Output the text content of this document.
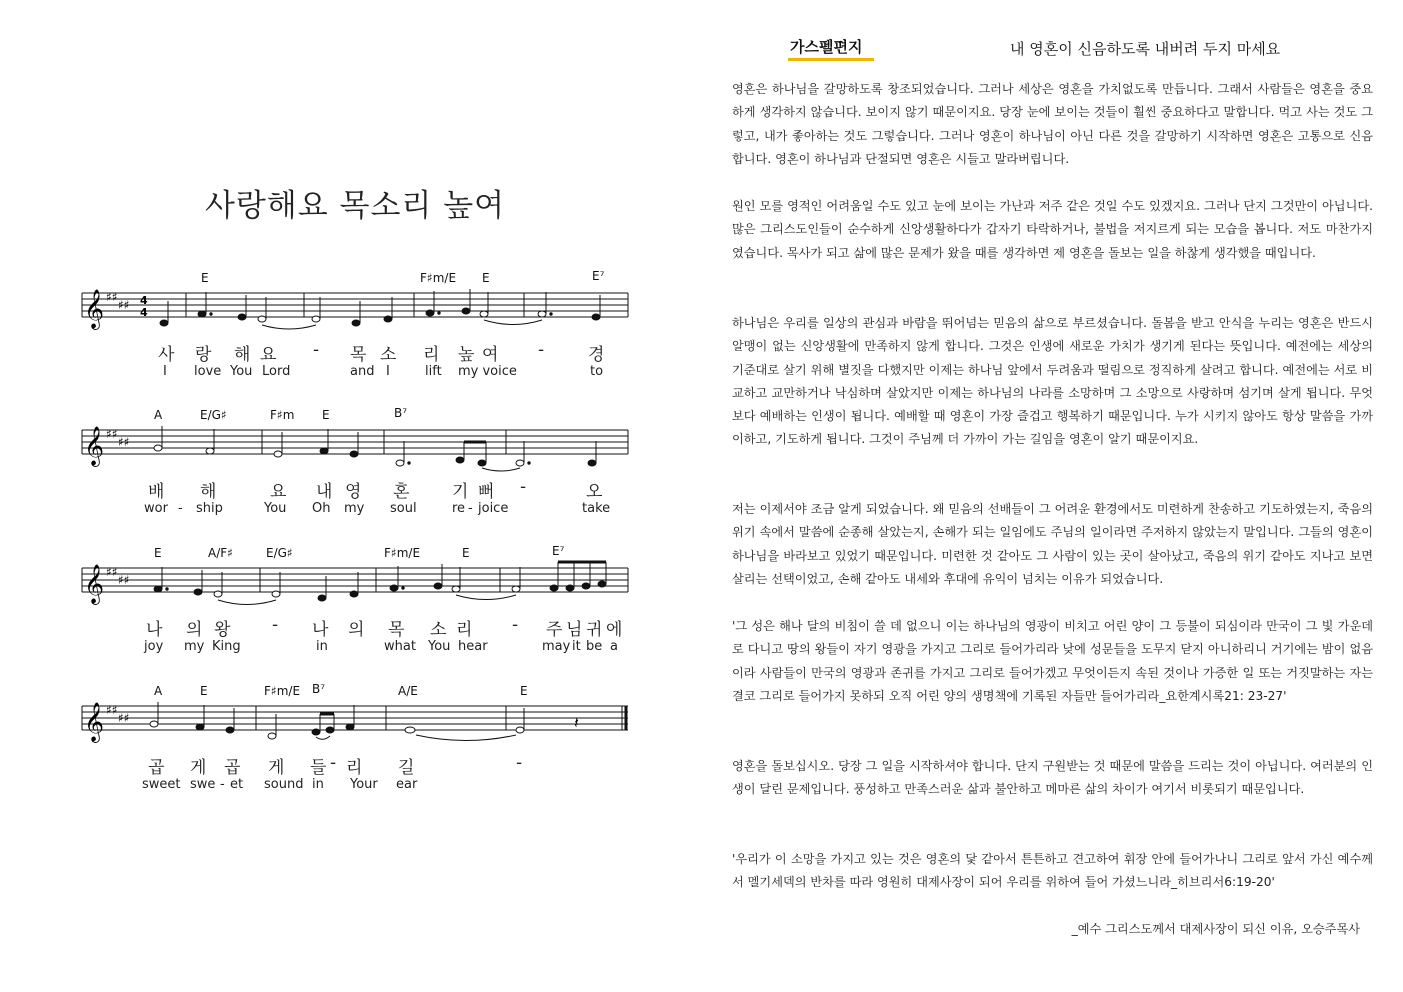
사랑해요 목소리 높여
E	F♯m/E E	E⁷
𝄞 ♯♯
♯♯ 4
4
사 랑 해 요 - 목 소 리 높 여 -	경
I love You Lord	and I	lift my voice	to
A	E/G♯	F♯m E	B⁷
𝄞 ♯♯
♯♯
배 해	요 내 영 혼	기 뻐 -	오
wor - ship	You Oh my soul	re - joice	take
E	A/F♯	E/G♯	F♯m/E	E	E⁷
𝄞 ♯♯
♯♯
나 의 왕 - 나 의 목 소 리 - 주 님 귀 에
joy my King	in	what You hear	may it be a
A	E	F♯m/E B⁷	A/E	E
𝄞 ♯♯
♯♯	𝄽
곱 게 곱 게 들 - 리 길	-
sweet swe - et sound in Your ear
가스펠편지	내 영혼이 신음하도록 내버려 두지 마세요

영혼은 하나님을 갈망하도록 창조되었습니다. 그러나 세상은 영혼을 가치없도록 만듭니다. 그래서 사람들은 영혼을 중요하게 생각하지 않습니다. 보이지 않기 때문이지요. 당장 눈에 보이는 것들이 훨씬 중요하다고 말합니다. 먹고 사는 것도 그렇고, 내가 좋아하는 것도 그렇습니다. 그러나 영혼이 하나님이 아닌 다른 것을 갈망하기 시작하면 영혼은 고통으로 신음합니다. 영혼이 하나님과 단절되면 영혼은 시들고 말라버립니다.

원인 모를 영적인 어려움일 수도 있고 눈에 보이는 가난과 저주 같은 것일 수도 있겠지요. 그러나 단지 그것만이 아닙니다. 많은 그리스도인들이 순수하게 신앙생활하다가 갑자기 타락하거나, 불법을 저지르게 되는 모습을 봅니다. 저도 마찬가지였습니다. 목사가 되고 삶에 많은 문제가 왔을 때를 생각하면 제 영혼을 돌보는 일을 하찮게 생각했을 때입니다.

하나님은 우리를 일상의 관심과 바람을 뛰어넘는 믿음의 삶으로 부르셨습니다. 돌봄을 받고 안식을 누리는 영혼은 반드시 알맹이 없는 신앙생활에 만족하지 않게 합니다. 그것은 인생에 새로운 가치가 생기게 된다는 뜻입니다. 예전에는 세상의 기준대로 살기 위해 별짓을 다했지만 이제는 하나님 앞에서 두려움과 떨림으로 정직하게 살려고 합니다. 예전에는 서로 비교하고 교만하거나 낙심하며 살았지만 이제는 하나님의 나라를 소망하며 그 소망으로 사랑하며 섬기며 살게 됩니다. 무엇보다 예배하는 인생이 됩니다. 예배할 때 영혼이 가장 즐겁고 행복하기 때문입니다. 누가 시키지 않아도 항상 말씀을 가까이하고, 기도하게 됩니다. 그것이 주님께 더 가까이 가는 길임을 영혼이 알기 때문이지요.

저는 이제서야 조금 알게 되었습니다. 왜 믿음의 선배들이 그 어려운 환경에서도 미련하게 찬송하고 기도하였는지, 죽음의 위기 속에서 말씀에 순종해 살았는지, 손해가 되는 일임에도 주님의 일이라면 주저하지 않았는지 말입니다. 그들의 영혼이 하나님을 바라보고 있었기 때문입니다. 미련한 것 같아도 그 사람이 있는 곳이 살아났고, 죽음의 위기 같아도 지나고 보면 살리는 선택이었고, 손해 같아도 내세와 후대에 유익이 넘치는 이유가 되었습니다.

'그 성은 해나 달의 비침이 쓸 데 없으니 이는 하나님의 영광이 비치고 어린 양이 그 등불이 되심이라 만국이 그 빛 가운데로 다니고 땅의 왕들이 자기 영광을 가지고 그리로 들어가리라 낮에 성문들을 도무지 닫지 아니하리니 거기에는 밤이 없음이라 사람들이 만국의 영광과 존귀를 가지고 그리로 들어가겠고 무엇이든지 속된 것이나 가증한 일 또는 거짓말하는 자는 결코 그리로 들어가지 못하되 오직 어린 양의 생명책에 기록된 자들만 들어가리라_요한계시록21: 23-27'

영혼을 돌보십시오. 당장 그 일을 시작하셔야 합니다. 단지 구원받는 것 때문에 말씀을 드리는 것이 아닙니다. 여러분의 인생이 달린 문제입니다. 풍성하고 만족스러운 삶과 불안하고 메마른 삶의 차이가 여기서 비롯되기 때문입니다.

'우리가 이 소망을 가지고 있는 것은 영혼의 닻 같아서 튼튼하고 견고하여 휘장 안에 들어가나니 그리로 앞서 가신 예수께서 멜기세덱의 반차를 따라 영원히 대제사장이 되어 우리를 위하여 들어 가셨느니라_히브리서6:19-20'

_예수 그리스도께서 대제사장이 되신 이유, 오승주목사
